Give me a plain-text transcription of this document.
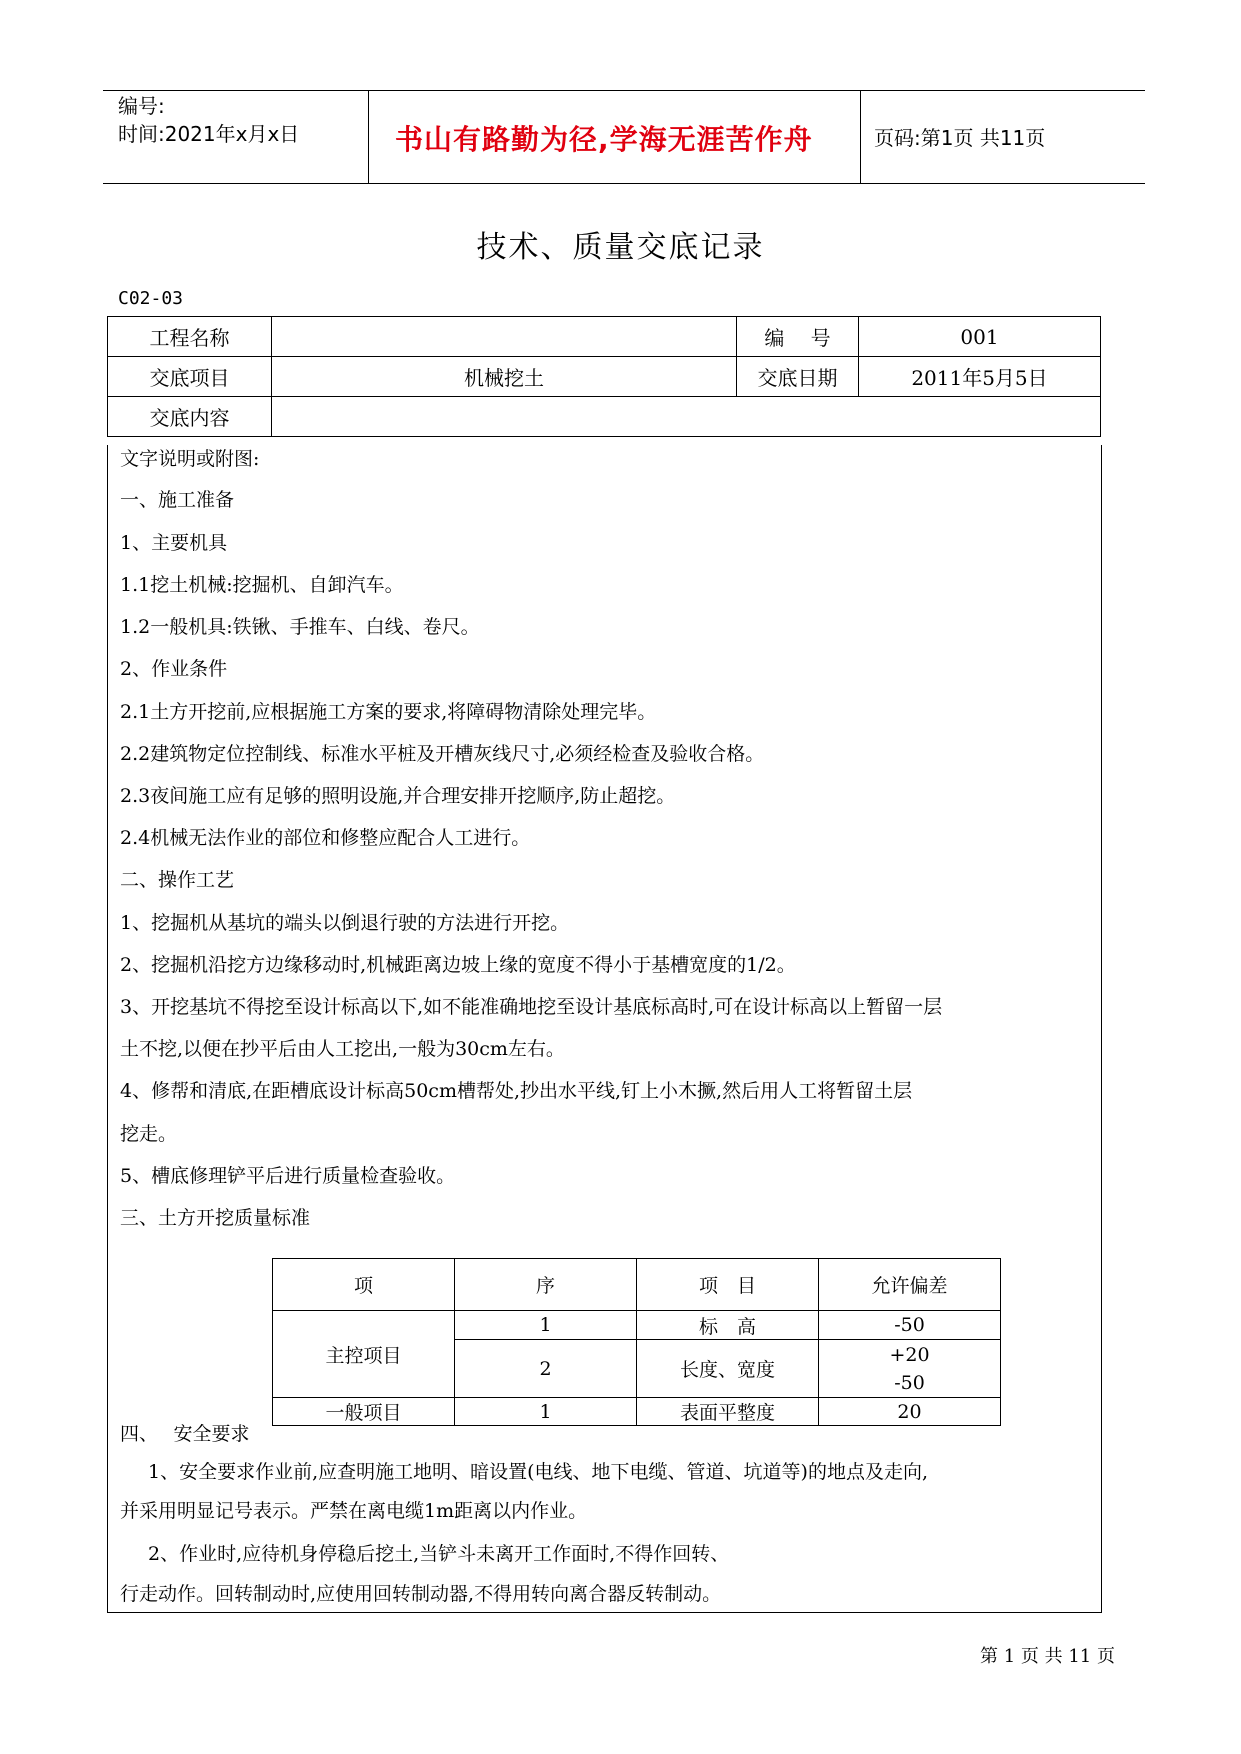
编号:
时间:2021年x月x日	书山有路勤为径,学海无涯苦作舟	页码:第1页 共11页
技术、质量交底记录
C02-03
工程名称		编　 号	001
交底项目	机械挖土	交底日期	2011年5月5日
交底内容			
文字说明或附图:
一、施工准备
1、主要机具
1.1挖土机械:挖掘机、自卸汽车。
1.2一般机具:铁锹、手推车、白线、卷尺。
2、作业条件
2.1土方开挖前,应根据施工方案的要求,将障碍物清除处理完毕。
2.2建筑物定位控制线、标准水平桩及开槽灰线尺寸,必须经检查及验收合格。
2.3夜间施工应有足够的照明设施,并合理安排开挖顺序,防止超挖。
2.4机械无法作业的部位和修整应配合人工进行。
二、操作工艺
1、挖掘机从基坑的端头以倒退行驶的方法进行开挖。
2、挖掘机沿挖方边缘移动时,机械距离边坡上缘的宽度不得小于基槽宽度的1/2。
3、开挖基坑不得挖至设计标高以下,如不能准确地挖至设计基底标高时,可在设计标高以上暂留一层
土不挖,以便在抄平后由人工挖出,一般为30cm左右。
4、修帮和清底,在距槽底设计标高50cm槽帮处,抄出水平线,钉上小木撅,然后用人工将暂留土层
挖走。
5、槽底修理铲平后进行质量检查验收。
三、土方开挖质量标准
四、　 安全要求
1、安全要求作业前,应查明施工地明、暗设置(电线、地下电缆、管道、坑道等)的地点及走向,
并采用明显记号表示。严禁在离电缆1m距离以内作业。
2、作业时,应待机身停稳后挖土,当铲斗未离开工作面时,不得作回转、
行走动作。回转制动时,应使用回转制动器,不得用转向离合器反转制动。
项	序	项　目	允许偏差
主控项目	1	标　高	-50
	2	长度、宽度	+20
-50

一般项目	1	表面平整度	20
第 1 页 共 11 页
